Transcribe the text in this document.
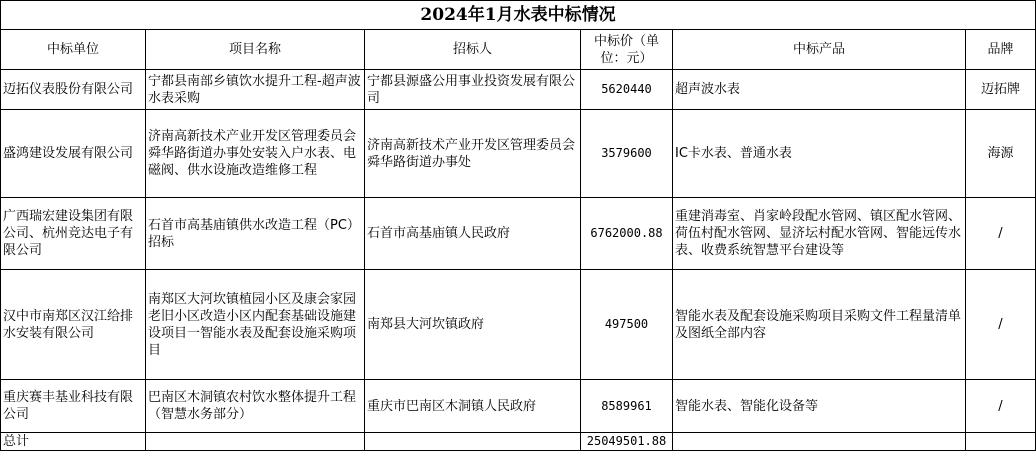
2024年1月水表中标情况					
中标单位	项目名称	招标人	中标价（单位：元）	中标产品	品牌
迈拓仪表股份有限公司	宁都县南部乡镇饮水提升工程-超声波水表采购	宁都县源盛公用事业投资发展有限公司	5620440	超声波水表	迈拓牌
盛鸿建设发展有限公司	济南高新技术产业开发区管理委员会舜华路街道办事处安装入户水表、电磁阀、供水设施改造维修工程	济南高新技术产业开发区管理委员会舜华路街道办事处	3579600	IC卡水表、普通水表	海源
广西瑞宏建设集团有限公司、杭州竞达电子有限公司	石首市高基庙镇供水改造工程（PC）招标	石首市高基庙镇人民政府	6762000.88	重建消毒室、肖家岭段配水管网、镇区配水管网、荷伍村配水管网、显济坛村配水管网、智能远传水表、收费系统智慧平台建设等	/
汉中市南郑区汉江给排水安装有限公司	南郑区大河坎镇植园小区及康会家园老旧小区改造小区内配套基础设施建设项目一智能水表及配套设施采购项目	南郑县大河坎镇政府	497500	智能水表及配套设施采购项目采购文件工程量清单及图纸全部内容	/
重庆赛丰基业科技有限公司	巴南区木洞镇农村饮水整体提升工程（智慧水务部分）	重庆市巴南区木洞镇人民政府	8589961	智能水表、智能化设备等	/
总计			25049501.88		
